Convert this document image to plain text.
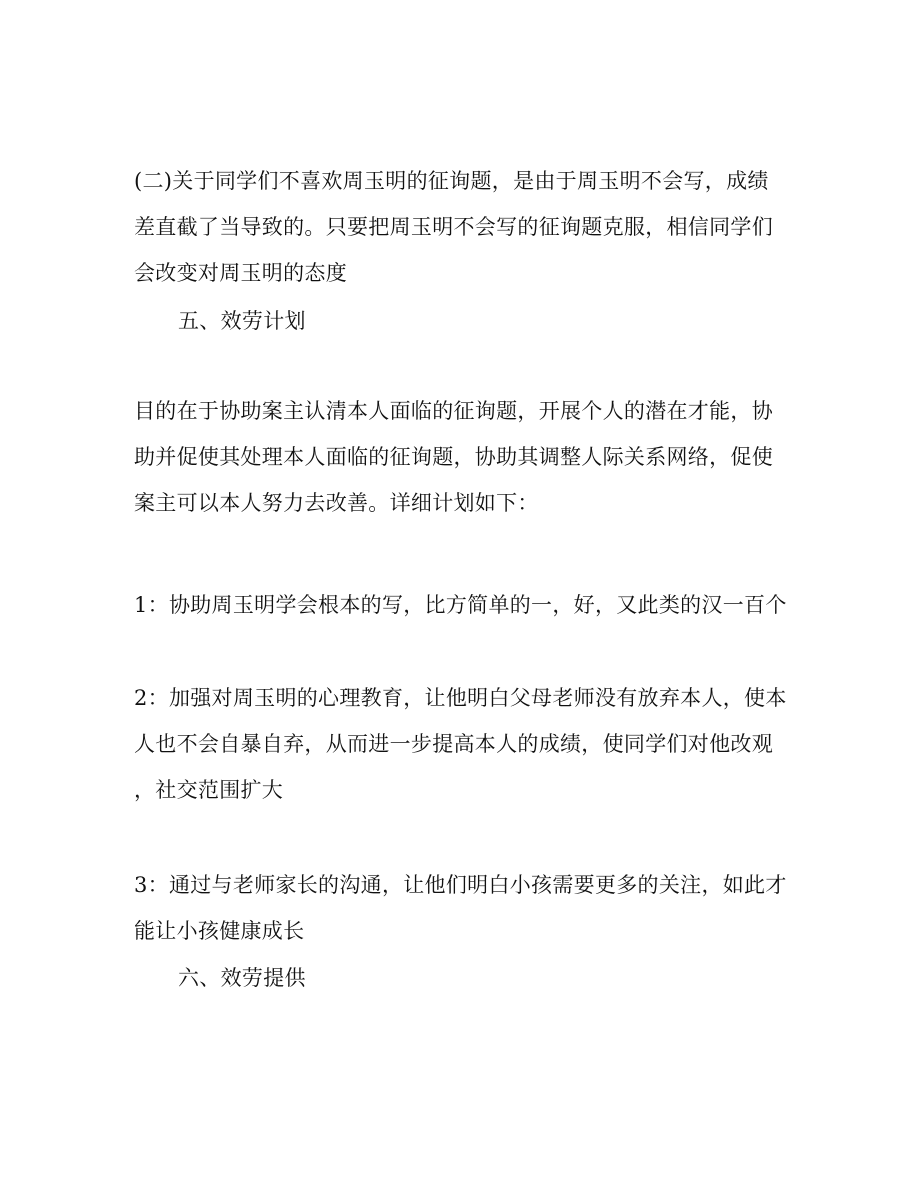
(二)关于同学们不喜欢周玉明的征询题，是由于周玉明不会写，成绩
差直截了当导致的。只要把周玉明不会写的征询题克服，相信同学们
会改变对周玉明的态度
五、效劳计划
目的在于协助案主认清本人面临的征询题，开展个人的潜在才能，协
助并促使其处理本人面临的征询题，协助其调整人际关系网络，促使
案主可以本人努力去改善。详细计划如下：
1：协助周玉明学会根本的写，比方简单的一，好，又此类的汉一百个
2：加强对周玉明的心理教育，让他明白父母老师没有放弃本人，使本
人也不会自暴自弃，从而进一步提高本人的成绩，使同学们对他改观
，社交范围扩大
3：通过与老师家长的沟通，让他们明白小孩需要更多的关注，如此才
能让小孩健康成长
六、效劳提供
